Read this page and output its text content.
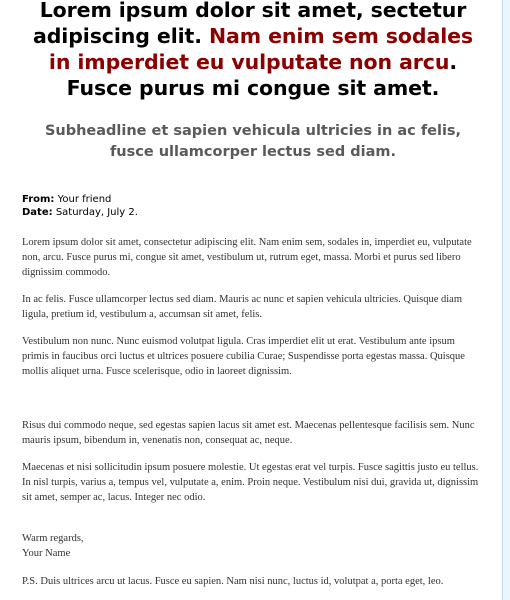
Lorem ipsum dolor sit amet, sectetur adipiscing elit. Nam enim sem sodales in imperdiet eu vulputate non arcu. Fusce purus mi congue sit amet.
Subheadline et sapien vehicula ultricies in ac felis, fusce ullamcorper lectus sed diam.
From: Your friend
Date: Saturday, July 2.

Lorem ipsum dolor sit amet, consectetur adipiscing elit. Nam enim sem, sodales in, imperdiet eu, vulputate non, arcu. Fusce purus mi, congue sit amet, vestibulum ut, rutrum eget, massa. Morbi et purus sed libero dignissim commodo.

In ac felis. Fusce ullamcorper lectus sed diam. Mauris ac nunc et sapien vehicula ultricies. Quisque diam ligula, pretium id, vestibulum a, accumsan sit amet, felis.

Vestibulum non nunc. Nunc euismod volutpat ligula. Cras imperdiet elit ut erat. Vestibulum ante ipsum primis in faucibus orci luctus et ultrices posuere cubilia Curae; Suspendisse porta egestas massa. Quisque mollis aliquet urna. Fusce scelerisque, odio in laoreet dignissim.

Risus dui commodo neque, sed egestas sapien lacus sit amet est. Maecenas pellentesque facilisis sem. Nunc mauris ipsum, bibendum in, venenatis non, consequat ac, neque.

Maecenas et nisi sollicitudin ipsum posuere molestie. Ut egestas erat vel turpis. Fusce sagittis justo eu tellus. In nisl turpis, varius a, tempus vel, vulputate a, enim. Proin neque. Vestibulum nisi dui, gravida ut, dignissim sit amet, semper ac, lacus. Integer nec odio.

Warm regards,
Your Name
P.S. Duis ultrices arcu ut lacus. Fusce eu sapien. Nam nisi nunc, luctus id, volutpat a, porta eget, leo.
